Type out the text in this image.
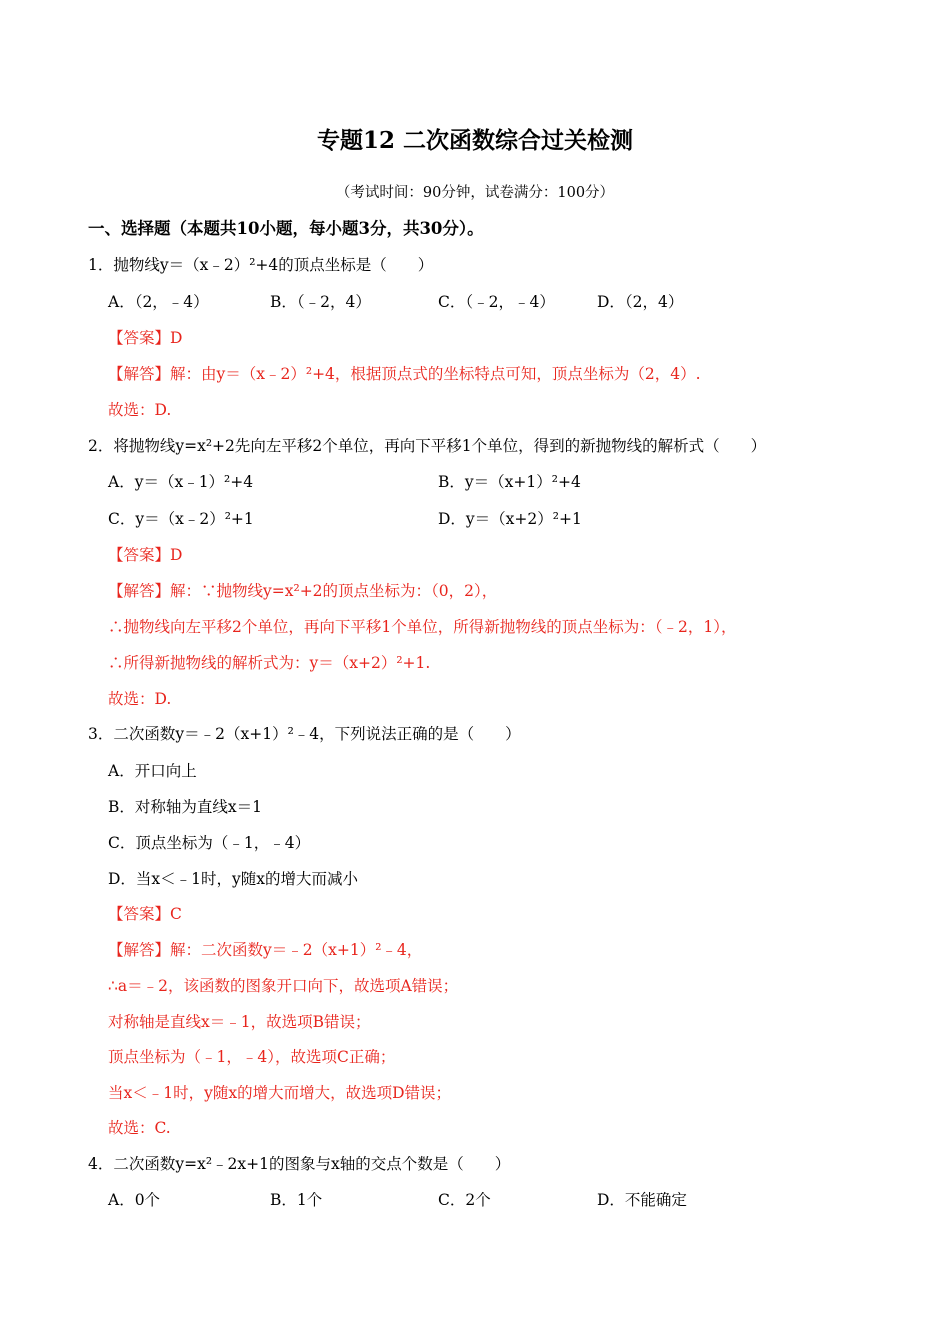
专题12 二次函数综合过关检测
（考试时间：90分钟，试卷满分：100分）
一、选择题（本题共10小题，每小题3分，共30分）。
1．抛物线y＝（x﹣2）²+4的顶点坐标是（　　）
A．（2，﹣4）	B．（﹣2，4）	C．（﹣2，﹣4）	D．（2，4）
【答案】D
【解答】解：由y＝（x﹣2）²+4，根据顶点式的坐标特点可知，顶点坐标为（2，4）.
故选：D.
2．将抛物线y=x²+2先向左平移2个单位，再向下平移1个单位，得到的新抛物线的解析式（　　）
A．y＝（x﹣1）²+4	B．y＝（x+1）²+4
C．y＝（x﹣2）²+1	D．y＝（x+2）²+1
【答案】D
【解答】解：∵抛物线y=x²+2的顶点坐标为：（0，2），
∴抛物线向左平移2个单位，再向下平移1个单位，所得新抛物线的顶点坐标为：（﹣2，1），
∴所得新抛物线的解析式为：y＝（x+2）²+1.
故选：D.
3．二次函数y＝﹣2（x+1）²﹣4，下列说法正确的是（　　）
A．开口向上
B．对称轴为直线x＝1
C．顶点坐标为（﹣1，﹣4）
D．当x＜﹣1时，y随x的增大而减小
【答案】C
【解答】解：二次函数y＝﹣2（x+1）²﹣4，
∴a＝﹣2，该函数的图象开口向下，故选项A错误；
对称轴是直线x＝﹣1，故选项B错误；
顶点坐标为（﹣1，﹣4），故选项C正确；
当x＜﹣1时，y随x的增大而增大，故选项D错误；
故选：C.
4．二次函数y=x²﹣2x+1的图象与x轴的交点个数是（　　）
A．0个	B．1个	C．2个	D．不能确定
